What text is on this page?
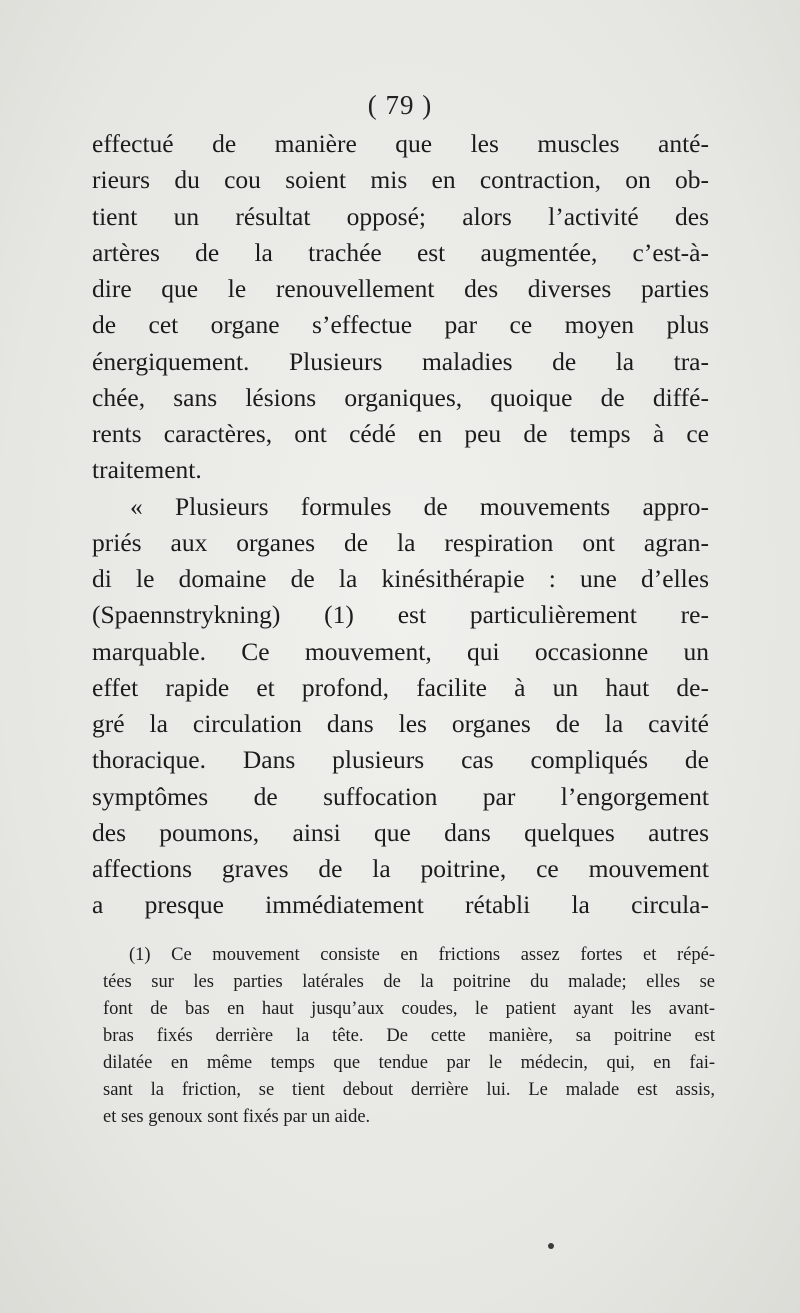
( 79 )
effectué de manière que les muscles anté-
rieurs du cou soient mis en contraction, on ob-
tient un résultat opposé; alors l’activité des
artères de la trachée est augmentée, c’est-à-
dire que le renouvellement des diverses parties
de cet organe s’effectue par ce moyen plus
énergiquement. Plusieurs maladies de la tra-
chée, sans lésions organiques, quoique de diffé-
rents caractères, ont cédé en peu de temps à ce
traitement.
« Plusieurs formules de mouvements appro-
priés aux organes de la respiration ont agran-
di le domaine de la kinésithérapie : une d’elles
(Spaennstrykning) (1) est particulièrement re-
marquable. Ce mouvement, qui occasionne un
effet rapide et profond, facilite à un haut de-
gré la circulation dans les organes de la cavité
thoracique. Dans plusieurs cas compliqués de
symptômes de suffocation par l’engorgement
des poumons, ainsi que dans quelques autres
affections graves de la poitrine, ce mouvement
a presque immédiatement rétabli la circula-
(1) Ce mouvement consiste en frictions assez fortes et répé-
tées sur les parties latérales de la poitrine du malade; elles se
font de bas en haut jusqu’aux coudes, le patient ayant les avant-
bras fixés derrière la tête. De cette manière, sa poitrine est
dilatée en même temps que tendue par le médecin, qui, en fai-
sant la friction, se tient debout derrière lui. Le malade est assis,
et ses genoux sont fixés par un aide.
